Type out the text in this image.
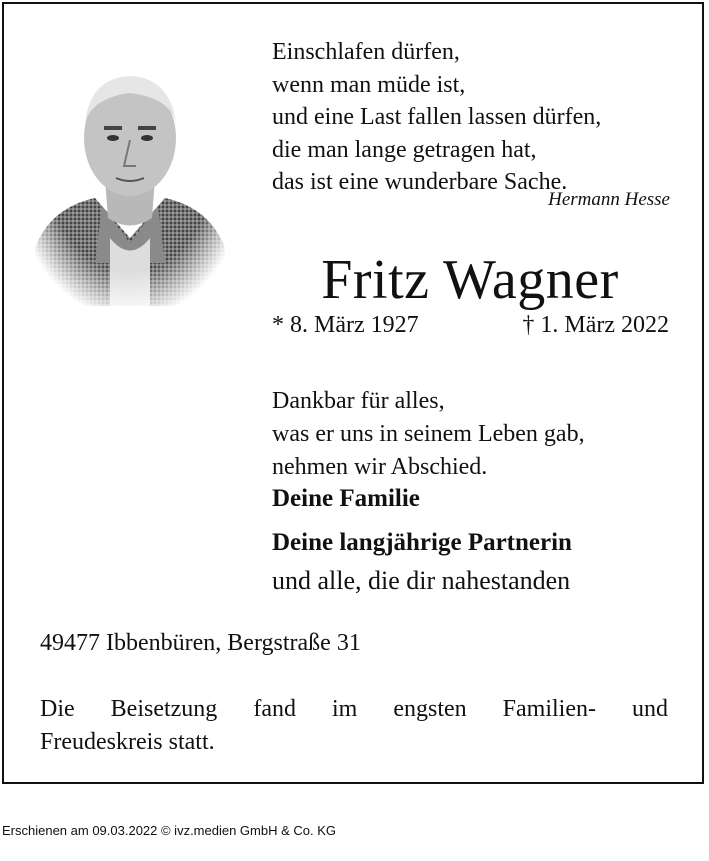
Einschlafen dürfen,
wenn man müde ist,
und eine Last fallen lassen dürfen,
die man lange getragen hat,
das ist eine wunderbare Sache.
Hermann Hesse
Fritz Wagner
* 8. März 1927	† 1. März 2022
Dankbar für alles,
was er uns in seinem Leben gab,
nehmen wir Abschied.
Deine Familie
Deine langjährige Partnerin
und alle, die dir nahestanden
49477 Ibbenbüren, Bergstraße 31
Die Beisetzung fand im engsten Familien- und
Freudeskreis statt.
Erschienen am 09.03.2022 © ivz.medien GmbH & Co. KG
